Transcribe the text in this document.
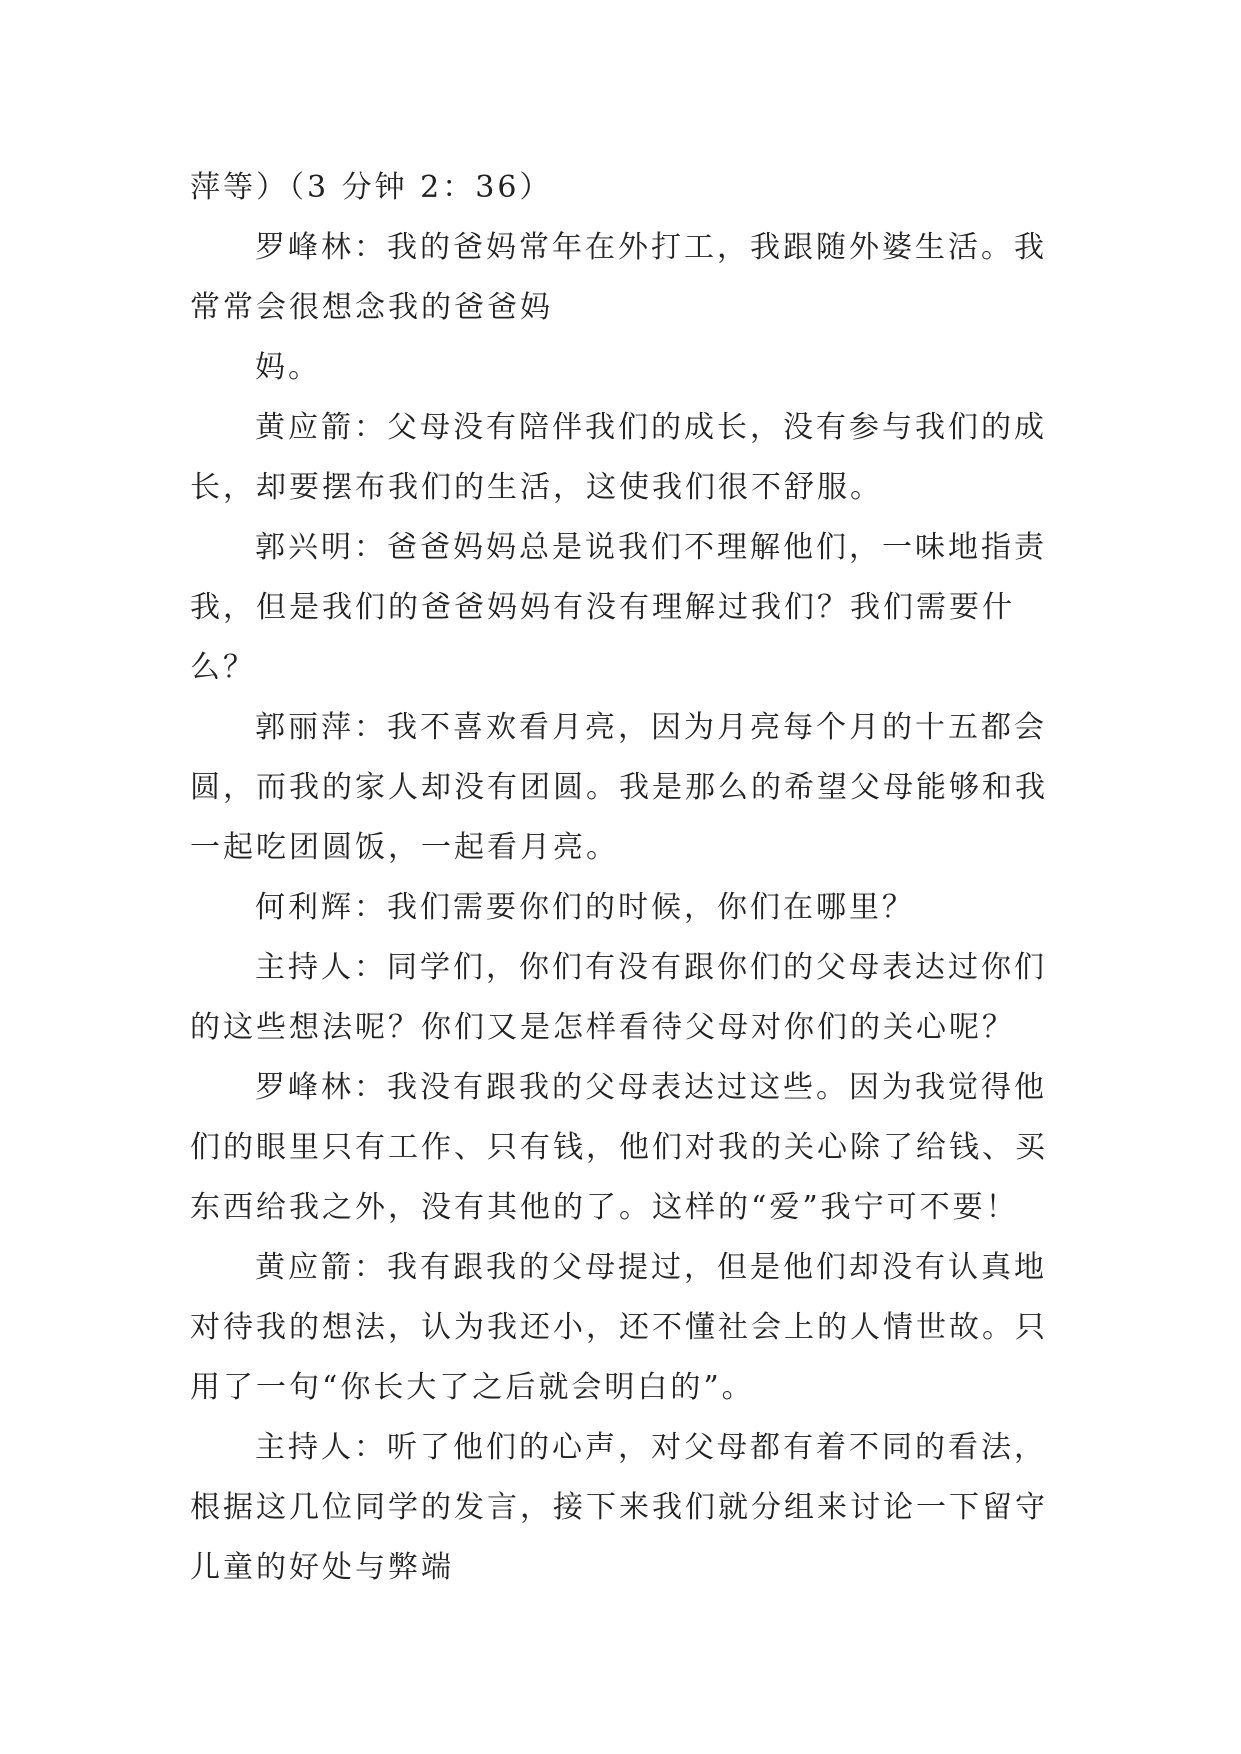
萍等）（3 分钟 2：36）
罗峰林：我的爸妈常年在外打工，我跟随外婆生活。我
常常会很想念我的爸爸妈
妈。
黄应箭：父母没有陪伴我们的成长，没有参与我们的成
长，却要摆布我们的生活，这使我们很不舒服。
郭兴明：爸爸妈妈总是说我们不理解他们，一味地指责
我，但是我们的爸爸妈妈有没有理解过我们？我们需要什
么？
郭丽萍：我不喜欢看月亮，因为月亮每个月的十五都会
圆，而我的家人却没有团圆。我是那么的希望父母能够和我
一起吃团圆饭，一起看月亮。
何利辉：我们需要你们的时候，你们在哪里？
主持人：同学们，你们有没有跟你们的父母表达过你们
的这些想法呢？你们又是怎样看待父母对你们的关心呢？
罗峰林：我没有跟我的父母表达过这些。因为我觉得他
们的眼里只有工作、只有钱，他们对我的关心除了给钱、买
东西给我之外，没有其他的了。这样的“爱”我宁可不要！
黄应箭：我有跟我的父母提过，但是他们却没有认真地
对待我的想法，认为我还小，还不懂社会上的人情世故。只
用了一句“你长大了之后就会明白的”。
主持人：听了他们的心声，对父母都有着不同的看法，
根据这几位同学的发言，接下来我们就分组来讨论一下留守
儿童的好处与弊端
